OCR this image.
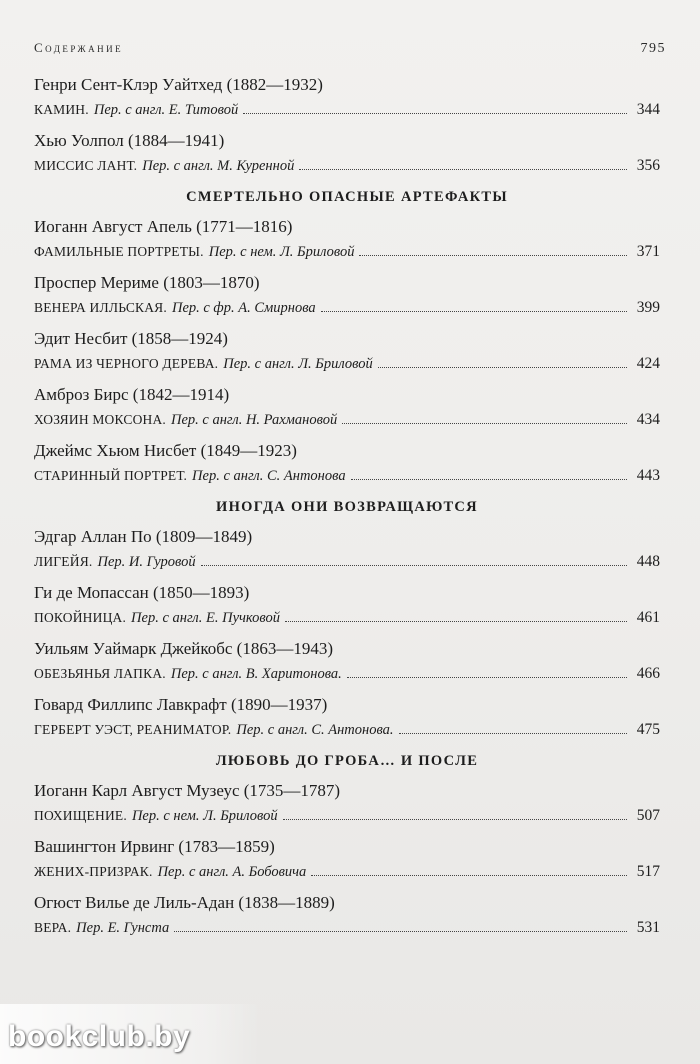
Содержание	795
Генри Сент-Клэр Уайтхед (1882—1932)
КАМИН. Пер. с англ. Е. Титовой	344
Хью Уолпол (1884—1941)
МИССИС ЛАНТ. Пер. с англ. М. Куренной	356
СМЕРТЕЛЬНО ОПАСНЫЕ АРТЕФАКТЫ
Иоганн Август Апель (1771—1816)
ФАМИЛЬНЫЕ ПОРТРЕТЫ. Пер. с нем. Л. Бриловой	371
Проспер Мериме (1803—1870)
ВЕНЕРА ИЛЛЬСКАЯ. Пер. с фр. А. Смирнова	399
Эдит Несбит (1858—1924)
РАМА ИЗ ЧЕРНОГО ДЕРЕВА. Пер. с англ. Л. Бриловой	424
Амброз Бирс (1842—1914)
ХОЗЯИН МОКСОНА. Пер. с англ. Н. Рахмановой	434
Джеймс Хьюм Нисбет (1849—1923)
СТАРИННЫЙ ПОРТРЕТ. Пер. с англ. С. Антонова	443
ИНОГДА ОНИ ВОЗВРАЩАЮТСЯ
Эдгар Аллан По (1809—1849)
ЛИГЕЙЯ. Пер. И. Гуровой	448
Ги де Мопассан (1850—1893)
ПОКОЙНИЦА. Пер. с англ. Е. Пучковой	461
Уильям Уаймарк Джейкобс (1863—1943)
ОБЕЗЬЯНЬЯ ЛАПКА. Пер. с англ. В. Харитонова.	466
Говард Филлипс Лавкрафт (1890—1937)
ГЕРБЕРТ УЭСТ, РЕАНИМАТОР. Пер. с англ. С. Антонова.	475
ЛЮБОВЬ ДО ГРОБА… И ПОСЛЕ
Иоганн Карл Август Музеус (1735—1787)
ПОХИЩЕНИЕ. Пер. с нем. Л. Бриловой	507
Вашингтон Ирвинг (1783—1859)
ЖЕНИХ-ПРИЗРАК. Пер. с англ. А. Бобовича	517
Огюст Вилье де Лиль-Адан (1838—1889)
ВЕРА. Пер. Е. Гунста	531
bookclub.by
